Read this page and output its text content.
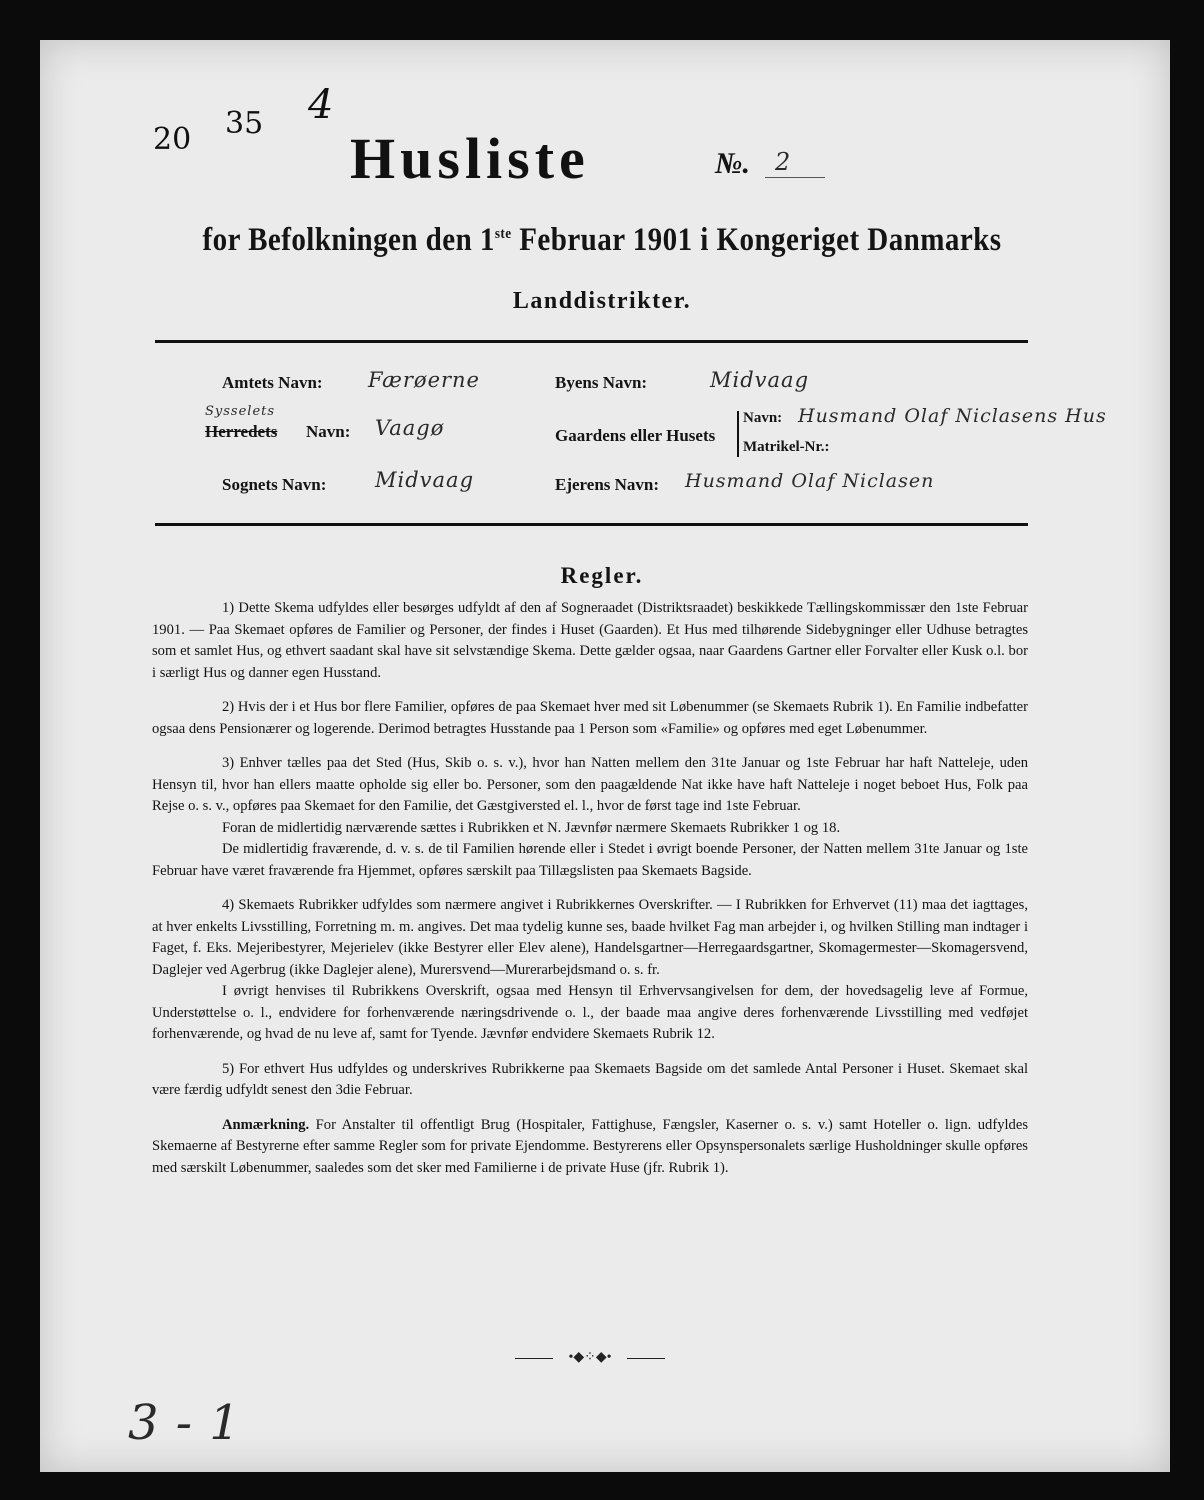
20 35 4
Husliste	№. 2
for Befolkningen den 1ste Februar 1901 i Kongeriget Danmarks
Landdistrikter.
Amtets Navn: Færøerne
Sysselets
Herredets Navn: Vaagø
Sognets Navn: Midvaag
Byens Navn:	Midvaag
Gaardens eller Husets
Navn: Husmand Olaf Niclasens Hus
Matrikel-Nr.:
Ejerens Navn: Husmand Olaf Niclasen
Regler.

1) Dette Skema udfyldes eller besørges udfyldt af den af Sogneraadet (Distriktsraadet) beskikkede Tællingskommissær den 1ste Februar 1901. — Paa Skemaet opføres de Familier og Personer, der findes i Huset (Gaarden). Et Hus med tilhørende Sidebygninger eller Udhuse betragtes som et samlet Hus, og ethvert saadant skal have sit selvstændige Skema. Dette gælder ogsaa, naar Gaardens Gartner eller Forvalter eller Kusk o.l. bor i særligt Hus og danner egen Husstand.

2) Hvis der i et Hus bor flere Familier, opføres de paa Skemaet hver med sit Løbenummer (se Skemaets Rubrik 1). En Familie indbefatter ogsaa dens Pensionærer og logerende. Derimod betragtes Husstande paa 1 Person som «Familie» og opføres med eget Løbenummer.

3) Enhver tælles paa det Sted (Hus, Skib o. s. v.), hvor han Natten mellem den 31te Januar og 1ste Februar har haft Natteleje, uden Hensyn til, hvor han ellers maatte opholde sig eller bo. Personer, som den paagældende Nat ikke have haft Natteleje i noget beboet Hus, Folk paa Rejse o. s. v., opføres paa Skemaet for den Familie, det Gæstgiversted el. l., hvor de først tage ind 1ste Februar.

Foran de midlertidig nærværende sættes i Rubrikken et N. Jævnfør nærmere Skemaets Rubrikker 1 og 18.

De midlertidig fraværende, d. v. s. de til Familien hørende eller i Stedet i øvrigt boende Personer, der Natten mellem 31te Januar og 1ste Februar have været fraværende fra Hjemmet, opføres særskilt paa Tillægslisten paa Skemaets Bagside.

4) Skemaets Rubrikker udfyldes som nærmere angivet i Rubrikkernes Overskrifter. — I Rubrikken for Erhvervet (11) maa det iagttages, at hver enkelts Livsstilling, Forretning m. m. angives. Det maa tydelig kunne ses, baade hvilket Fag man arbejder i, og hvilken Stilling man indtager i Faget, f. Eks. Mejeribestyrer, Mejerielev (ikke Bestyrer eller Elev alene), Handelsgartner—Herregaardsgartner, Skomagermester—Skomagersvend, Daglejer ved Agerbrug (ikke Daglejer alene), Murersvend—Murerarbejdsmand o. s. fr.

I øvrigt henvises til Rubrikkens Overskrift, ogsaa med Hensyn til Erhvervsangivelsen for dem, der hovedsagelig leve af Formue, Understøttelse o. l., endvidere for forhenværende næringsdrivende o. l., der baade maa angive deres forhenværende Livsstilling med vedføjet forhenværende, og hvad de nu leve af, samt for Tyende. Jævnfør endvidere Skemaets Rubrik 12.

5) For ethvert Hus udfyldes og underskrives Rubrikkerne paa Skemaets Bagside om det samlede Antal Personer i Huset. Skemaet skal være færdig udfyldt senest den 3die Februar.

Anmærkning. For Anstalter til offentligt Brug (Hospitaler, Fattighuse, Fængsler, Kaserner o. s. v.) samt Hoteller o. lign. udfyldes Skemaerne af Bestyrerne efter samme Regler som for private Ejendomme. Bestyrerens eller Opsynspersonalets særlige Husholdninger skulle opføres med særskilt Løbenummer, saaledes som det sker med Familierne i de private Huse (jfr. Rubrik 1).

•◆⁘◆•
3 - 1
